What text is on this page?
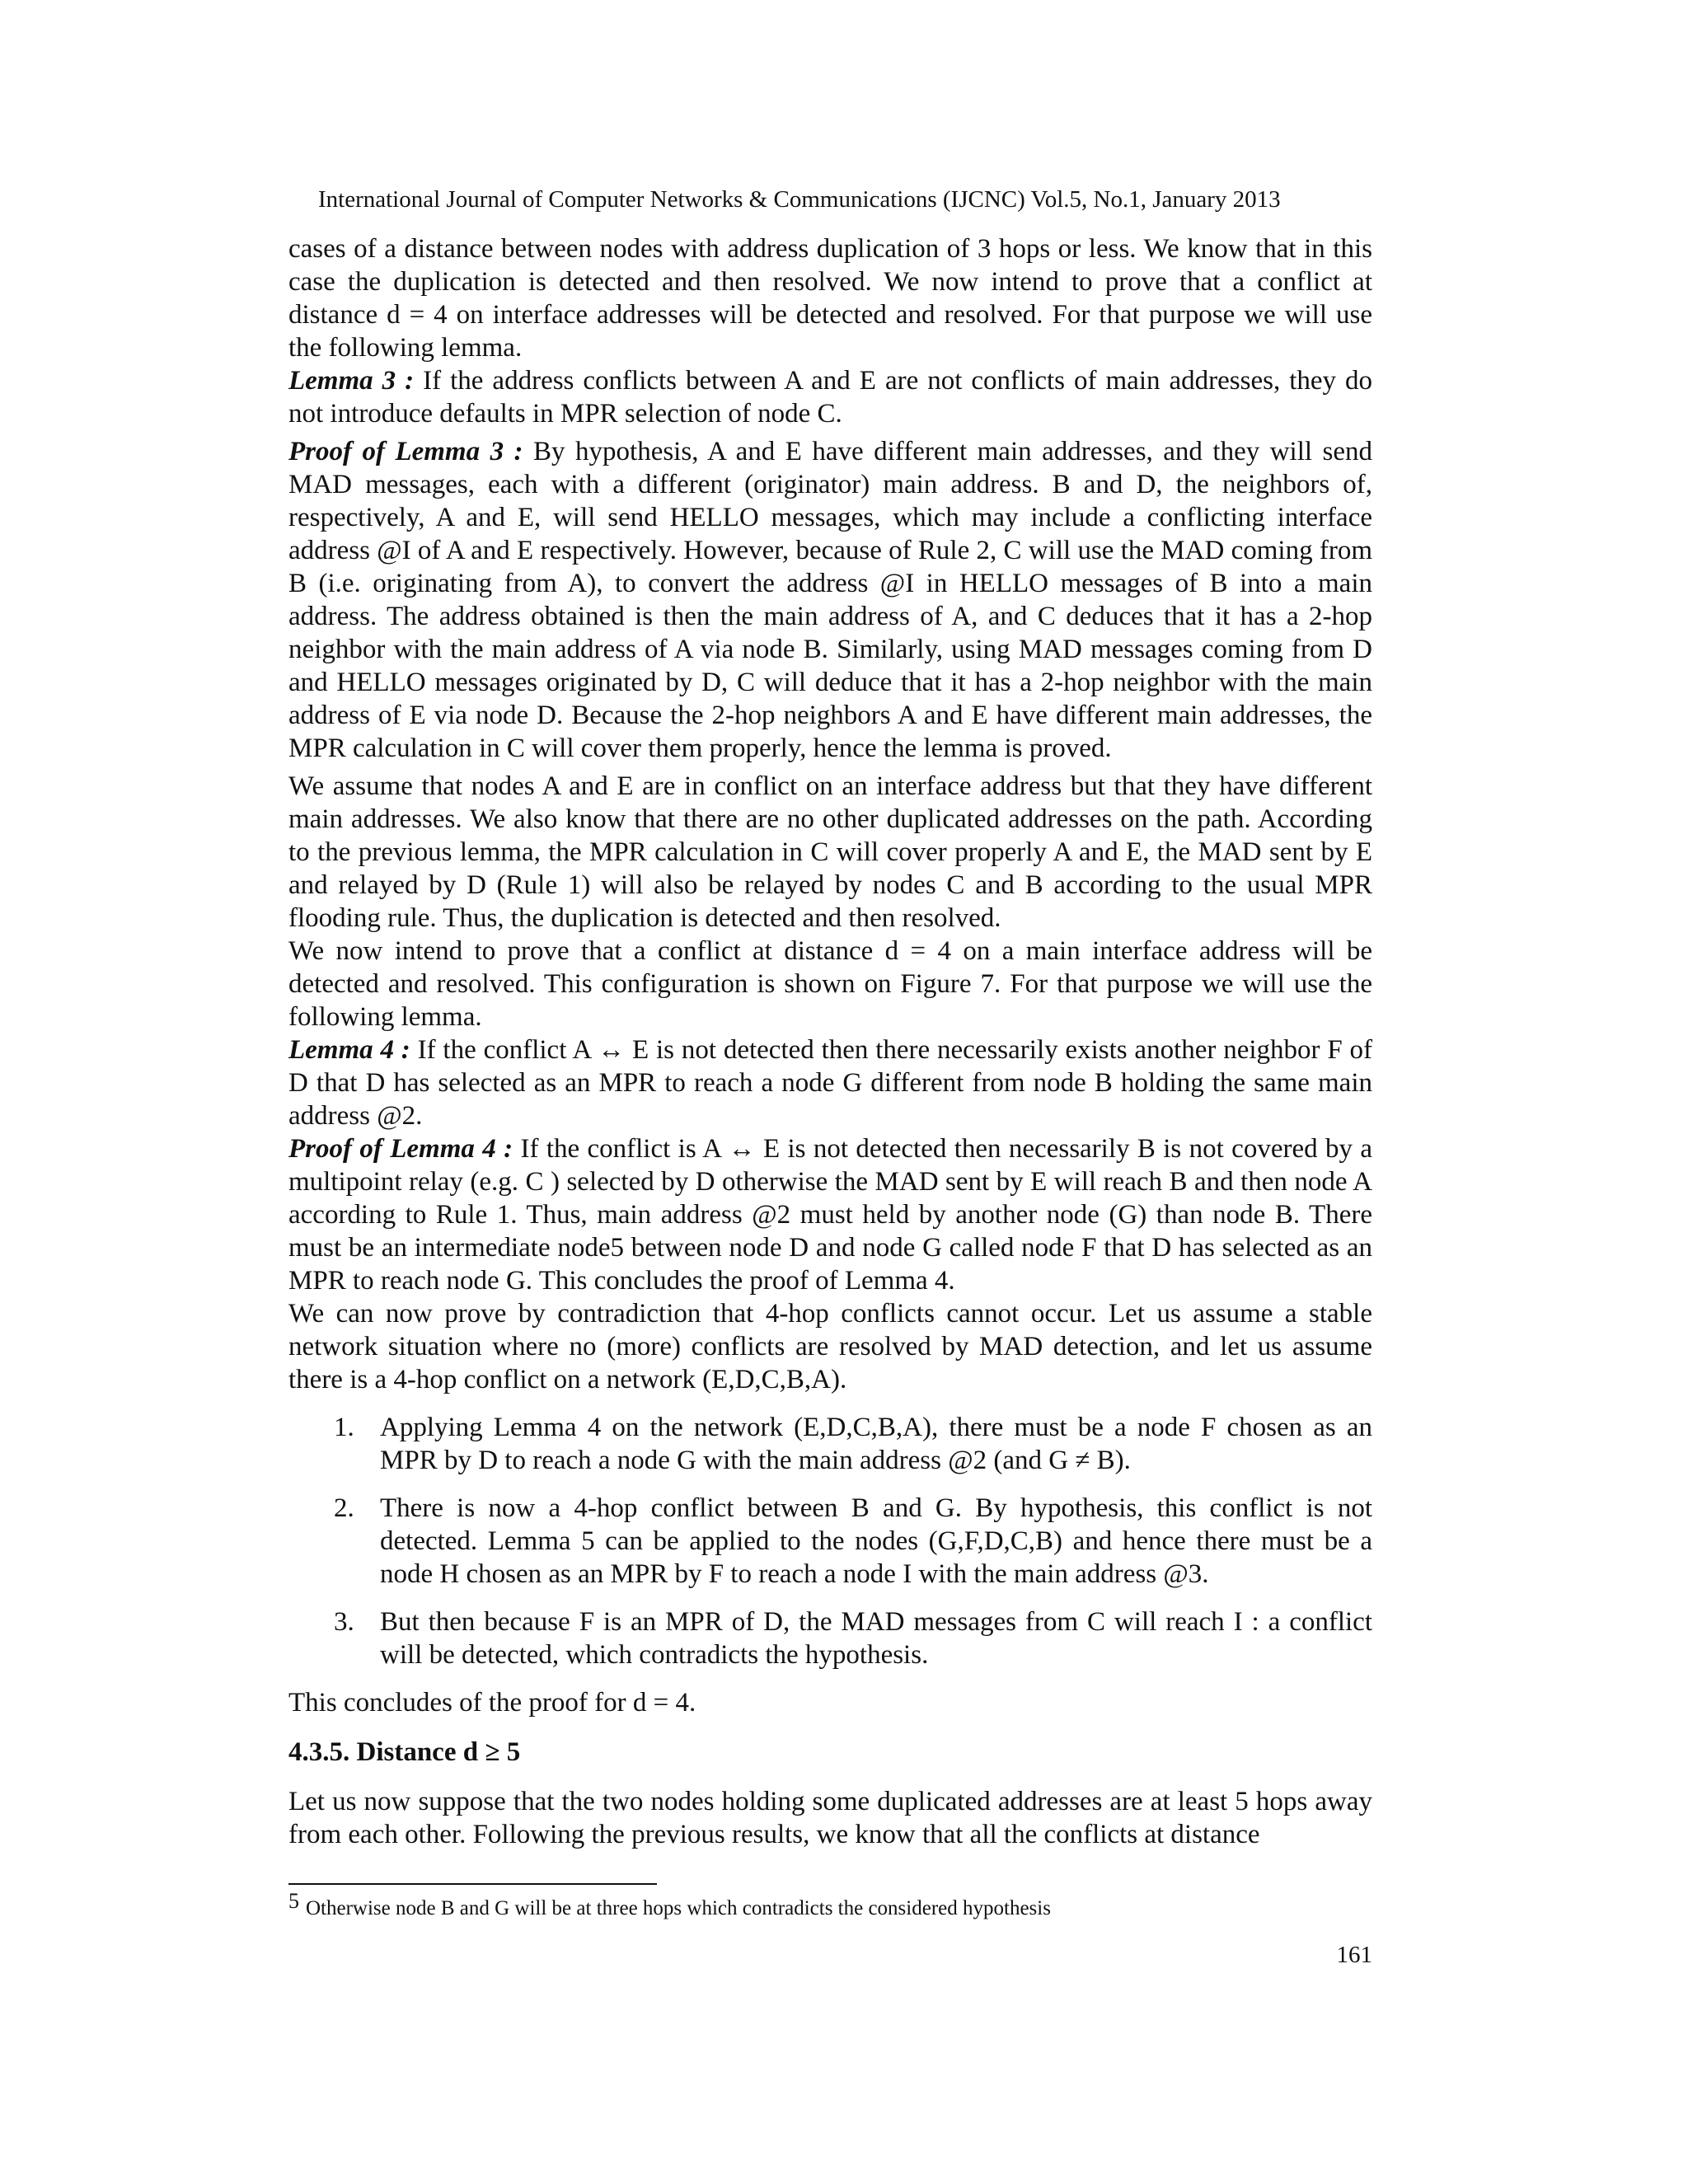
International Journal of Computer Networks & Communications (IJCNC) Vol.5, No.1, January 2013

cases of a distance between nodes with address duplication of 3 hops or less. We know that in this case the duplication is detected and then resolved. We now intend to prove that a conflict at distance d = 4 on interface addresses will be detected and resolved. For that purpose we will use the following lemma.

Lemma 3 : If the address conflicts between A and E are not conflicts of main addresses, they do not introduce defaults in MPR selection of node C.

Proof of Lemma 3 : By hypothesis, A and E have different main addresses, and they will send MAD messages, each with a different (originator) main address. B and D, the neighbors of, respectively, A and E, will send HELLO messages, which may include a conflicting interface address @I of A and E respectively. However, because of Rule 2, C will use the MAD coming from B (i.e. originating from A), to convert the address @I in HELLO messages of B into a main address. The address obtained is then the main address of A, and C deduces that it has a 2-hop neighbor with the main address of A via node B. Similarly, using MAD messages coming from D and HELLO messages originated by D, C will deduce that it has a 2-hop neighbor with the main address of E via node D. Because the 2-hop neighbors A and E have different main addresses, the MPR calculation in C will cover them properly, hence the lemma is proved.

We assume that nodes A and E are in conflict on an interface address but that they have different main addresses. We also know that there are no other duplicated addresses on the path. According to the previous lemma, the MPR calculation in C will cover properly A and E, the MAD sent by E and relayed by D (Rule 1) will also be relayed by nodes C and B according to the usual MPR flooding rule. Thus, the duplication is detected and then resolved.

We now intend to prove that a conflict at distance d = 4 on a main interface address will be detected and resolved. This configuration is shown on Figure 7. For that purpose we will use the following lemma.

Lemma 4 : If the conflict A ↔ E is not detected then there necessarily exists another neighbor F of D that D has selected as an MPR to reach a node G different from node B holding the same main address @2.

Proof of Lemma 4 : If the conflict is A ↔ E is not detected then necessarily B is not covered by a multipoint relay (e.g. C ) selected by D otherwise the MAD sent by E will reach B and then node A according to Rule 1. Thus, main address @2 must held by another node (G) than node B. There must be an intermediate node5 between node D and node G called node F that D has selected as an MPR to reach node G. This concludes the proof of Lemma 4.

We can now prove by contradiction that 4-hop conflicts cannot occur. Let us assume a stable network situation where no (more) conflicts are resolved by MAD detection, and let us assume there is a 4-hop conflict on a network (E,D,C,B,A).

1. Applying Lemma 4 on the network (E,D,C,B,A), there must be a node F chosen as an MPR by D to reach a node G with the main address @2 (and G ≠ B).
2. There is now a 4-hop conflict between B and G. By hypothesis, this conflict is not detected. Lemma 5 can be applied to the nodes (G,F,D,C,B) and hence there must be a node H chosen as an MPR by F to reach a node I with the main address @3.
3. But then because F is an MPR of D, the MAD messages from C will reach I : a conflict will be detected, which contradicts the hypothesis.

This concludes of the proof for d = 4.

4.3.5. Distance d ≥ 5

Let us now suppose that the two nodes holding some duplicated addresses are at least 5 hops away from each other. Following the previous results, we know that all the conflicts at distance

5 Otherwise node B and G will be at three hops which contradicts the considered hypothesis
161
